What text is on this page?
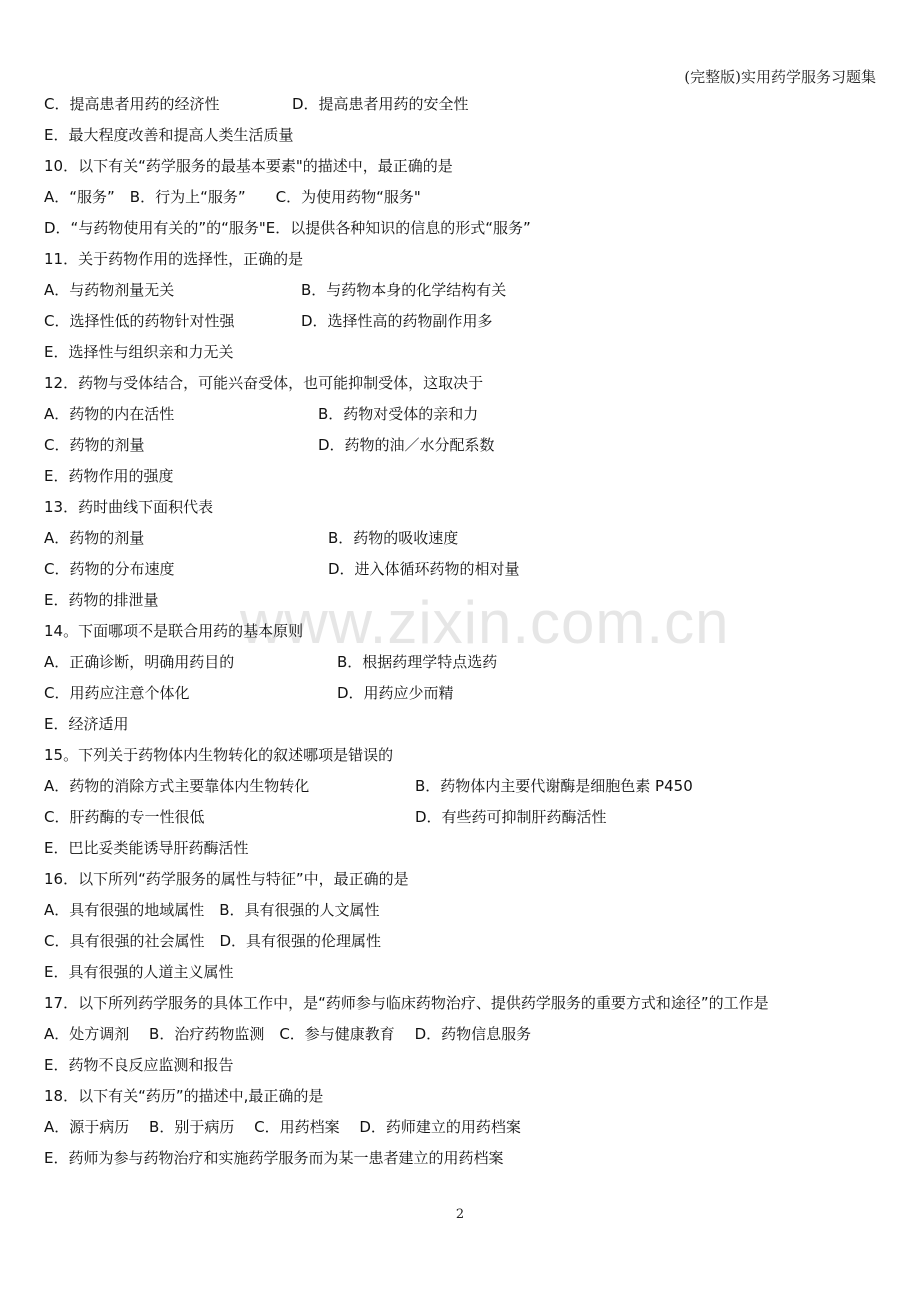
(完整版)实用药学服务习题集
www.zixin.com.cn
C．提高患者用药的经济性	D．提高患者用药的安全性
E．最大程度改善和提高人类生活质量
10．以下有关“药学服务的最基本要素"的描述中，最正确的是
A．“服务”　B．行为上“服务”　　C．为使用药物“服务"
D．“与药物使用有关的”的“服务"E．以提供各种知识的信息的形式“服务”
11．关于药物作用的选择性，正确的是
A．与药物剂量无关	B．与药物本身的化学结构有关
C．选择性低的药物针对性强	D．选择性高的药物副作用多
E．选择性与组织亲和力无关
12．药物与受体结合，可能兴奋受体，也可能抑制受体，这取决于
A．药物的内在活性	B．药物对受体的亲和力
C．药物的剂量	D．药物的油／水分配系数
E．药物作用的强度
13．药时曲线下面积代表
A．药物的剂量	B．药物的吸收速度
C．药物的分布速度	D．进入体循环药物的相对量
E．药物的排泄量
14。下面哪项不是联合用药的基本原则
A．正确诊断，明确用药目的	B．根据药理学特点选药
C．用药应注意个体化	D．用药应少而精
E．经济适用
15。下列关于药物体内生物转化的叙述哪项是错误的
A．药物的消除方式主要靠体内生物转化	B．药物体内主要代谢酶是细胞色素 P450
C．肝药酶的专一性很低	D．有些药可抑制肝药酶活性
E．巴比妥类能诱导肝药酶活性
16．以下所列“药学服务的属性与特征”中，最正确的是
A．具有很强的地域属性　B．具有很强的人文属性
C．具有很强的社会属性　D．具有很强的伦理属性
E．具有很强的人道主义属性
17．以下所列药学服务的具体工作中，是“药师参与临床药物治疗、提供药学服务的重要方式和途径”的工作是
A．处方调剂　 B．治疗药物监测　C．参与健康教育　 D．药物信息服务
E．药物不良反应监测和报告
18．以下有关“药历”的描述中,最正确的是
A．源于病历　 B．别于病历　 C．用药档案　 D．药师建立的用药档案
E．药师为参与药物治疗和实施药学服务而为某一患者建立的用药档案
2
